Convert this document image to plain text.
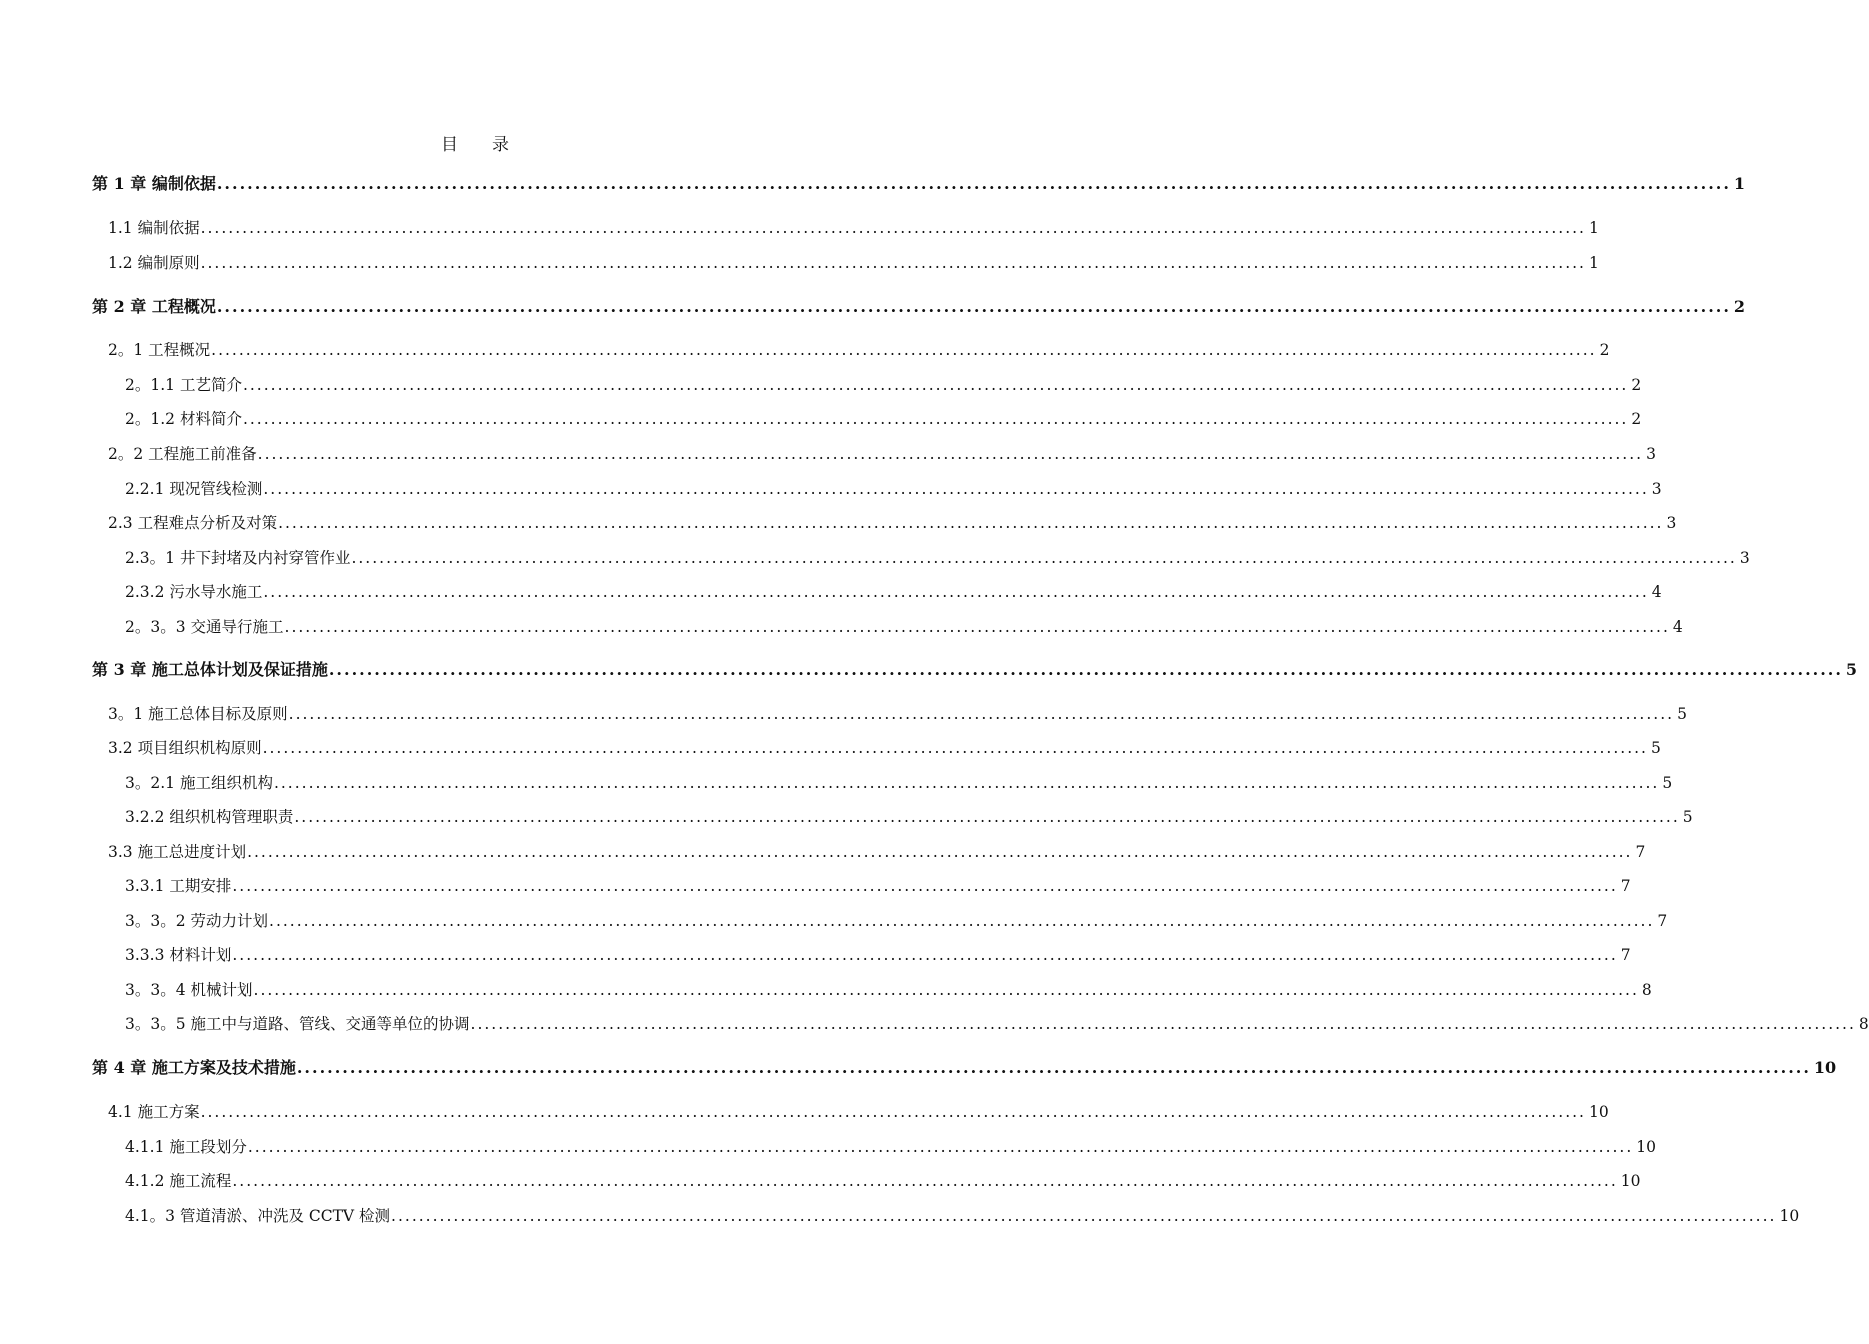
目录
第 1 章 编制依据 ........................................................................................................................................................................................................ 1
1.1 编制依据 ........................................................................................................................................................................................................ 1
1.2 编制原则 ........................................................................................................................................................................................................ 1
第 2 章 工程概况 ........................................................................................................................................................................................................ 2
2。1 工程概况 ........................................................................................................................................................................................................ 2
2。1.1 工艺简介 ........................................................................................................................................................................................................ 2
2。1.2 材料简介 ........................................................................................................................................................................................................ 2
2。2 工程施工前准备 ........................................................................................................................................................................................................ 3
2.2.1 现况管线检测 ........................................................................................................................................................................................................ 3
2.3 工程难点分析及对策 ........................................................................................................................................................................................................ 3
2.3。1 井下封堵及内衬穿管作业 ........................................................................................................................................................................................................ 3
2.3.2 污水导水施工 ........................................................................................................................................................................................................ 4
2。3。3 交通导行施工 ........................................................................................................................................................................................................ 4
第 3 章 施工总体计划及保证措施 ........................................................................................................................................................................................................ 5
3。1 施工总体目标及原则 ........................................................................................................................................................................................................ 5
3.2 项目组织机构原则 ........................................................................................................................................................................................................ 5
3。2.1 施工组织机构 ........................................................................................................................................................................................................ 5
3.2.2 组织机构管理职责 ........................................................................................................................................................................................................ 5
3.3 施工总进度计划 ........................................................................................................................................................................................................ 7
3.3.1 工期安排 ........................................................................................................................................................................................................ 7
3。3。2 劳动力计划 ........................................................................................................................................................................................................ 7
3.3.3 材料计划 ........................................................................................................................................................................................................ 7
3。3。4 机械计划 ........................................................................................................................................................................................................ 8
3。3。5 施工中与道路、管线、交通等单位的协调 ........................................................................................................................................................................................................ 8
第 4 章 施工方案及技术措施 ........................................................................................................................................................................................................ 10
4.1 施工方案 ........................................................................................................................................................................................................ 10
4.1.1 施工段划分 ........................................................................................................................................................................................................ 10
4.1.2 施工流程 ........................................................................................................................................................................................................ 10
4.1。3 管道清淤、冲洗及 CCTV 检测 ........................................................................................................................................................................................................ 10
